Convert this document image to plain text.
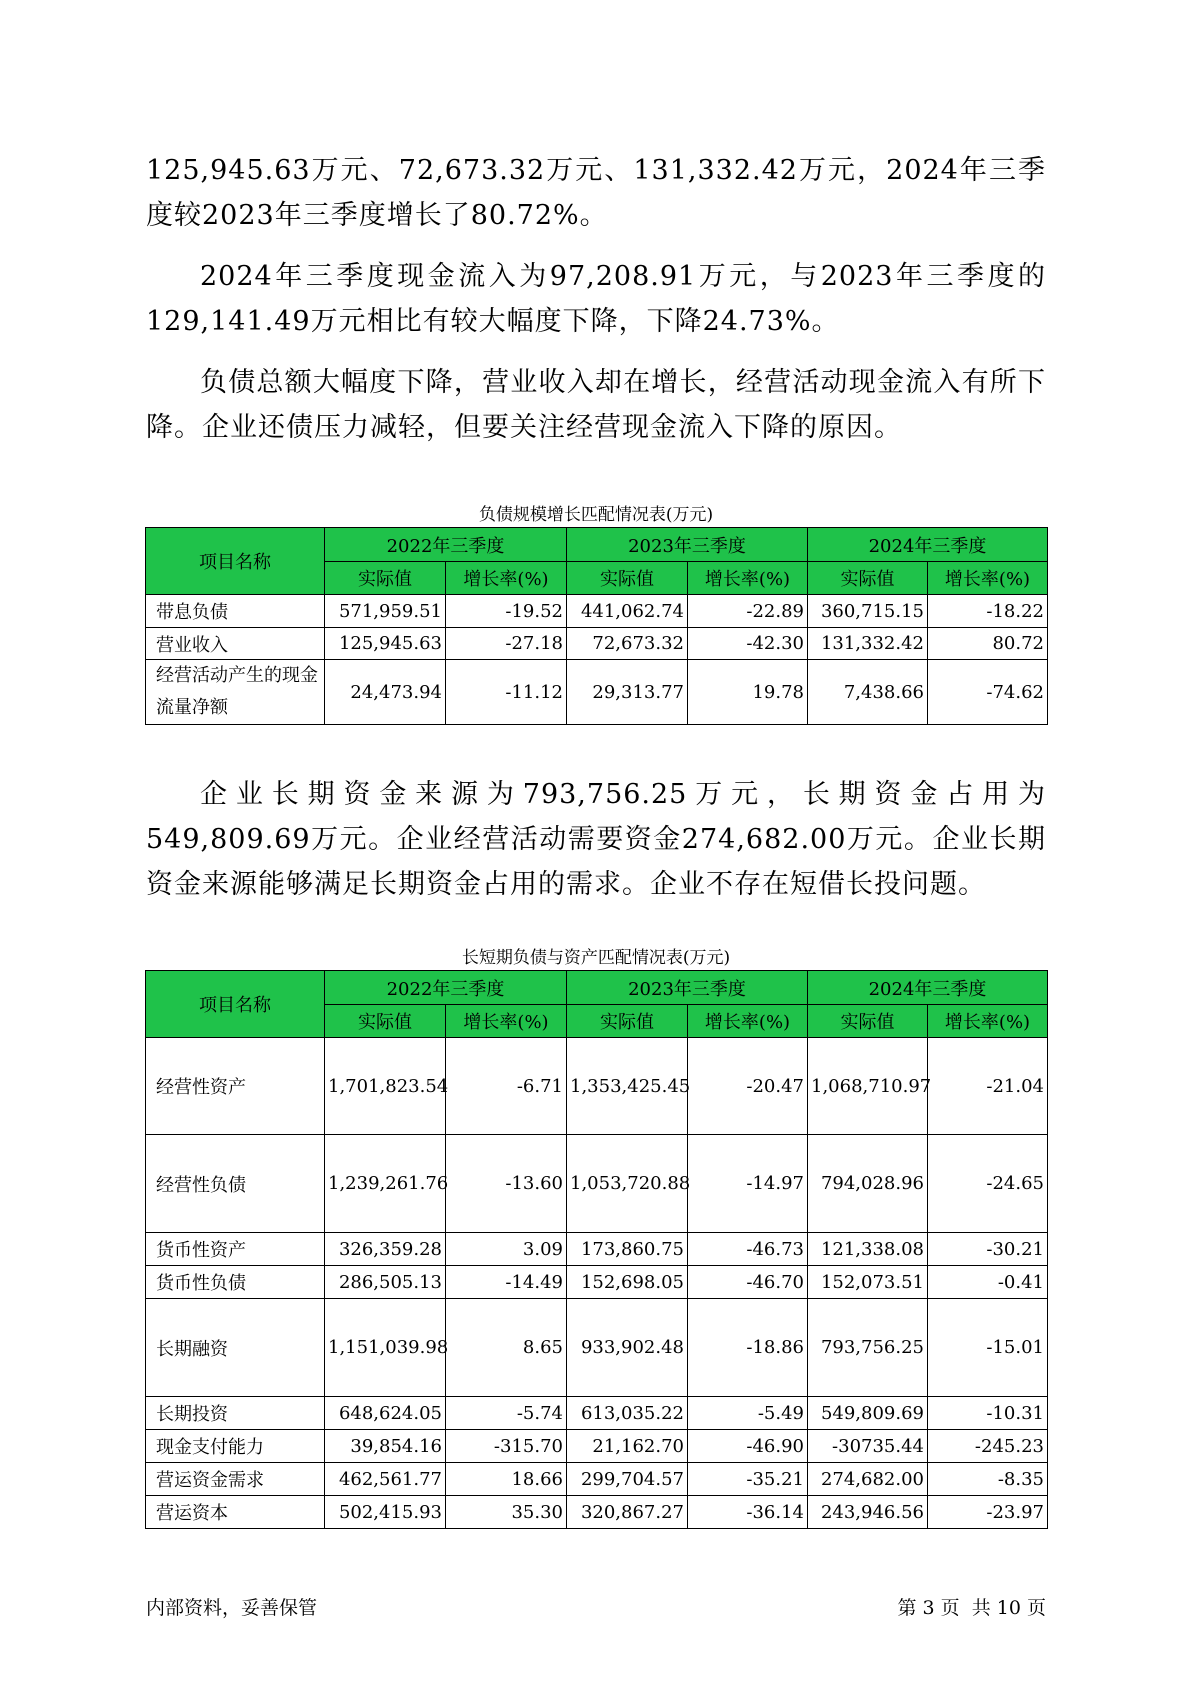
125,945.63万元、72,673.32万元、131,332.42万元，2024年三季度较2023年三季度增长了80.72%。

2024年三季度现金流入为97,208.91万元，与2023年三季度的129,141.49万元相比有较大幅度下降，下降24.73%。

负债总额大幅度下降，营业收入却在增长，经营活动现金流入有所下降。企业还债压力减轻，但要关注经营现金流入下降的原因。

负债规模增长匹配情况表(万元)
项目名称	2022年三季度		2023年三季度		2024年三季度	
	实际值	增长率(%)	实际值	增长率(%)	实际值	增长率(%)
带息负债	571,959.51	-19.52	441,062.74	-22.89	360,715.15	-18.22
营业收入	125,945.63	-27.18	72,673.32	-42.30	131,332.42	80.72
经营活动产生的现金流量净额	24,473.94	-11.12	29,313.77	19.78	7,438.66	-74.62

企业长期资金来源为793,756.25万元，长期资金占用为549,809.69万元。企业经营活动需要资金274,682.00万元。企业长期资金来源能够满足长期资金占用的需求。企业不存在短借长投问题。

长短期负债与资产匹配情况表(万元)
项目名称	2022年三季度		2023年三季度		2024年三季度	
	实际值	增长率(%)	实际值	增长率(%)	实际值	增长率(%)
经营性资产	1,701,823.54	-6.71	1,353,425.45	-20.47	1,068,710.97	-21.04
经营性负债	1,239,261.76	-13.60	1,053,720.88	-14.97	794,028.96	-24.65
货币性资产	326,359.28	3.09	173,860.75	-46.73	121,338.08	-30.21
货币性负债	286,505.13	-14.49	152,698.05	-46.70	152,073.51	-0.41
长期融资	1,151,039.98	8.65	933,902.48	-18.86	793,756.25	-15.01
长期投资	648,624.05	-5.74	613,035.22	-5.49	549,809.69	-10.31
现金支付能力	39,854.16	-315.70	21,162.70	-46.90	-30735.44	-245.23
营运资金需求	462,561.77	18.66	299,704.57	-35.21	274,682.00	-8.35
营运资本	502,415.93	35.30	320,867.27	-36.14	243,946.56	-23.97
内部资料，妥善保管	第 3 页  共 10 页
